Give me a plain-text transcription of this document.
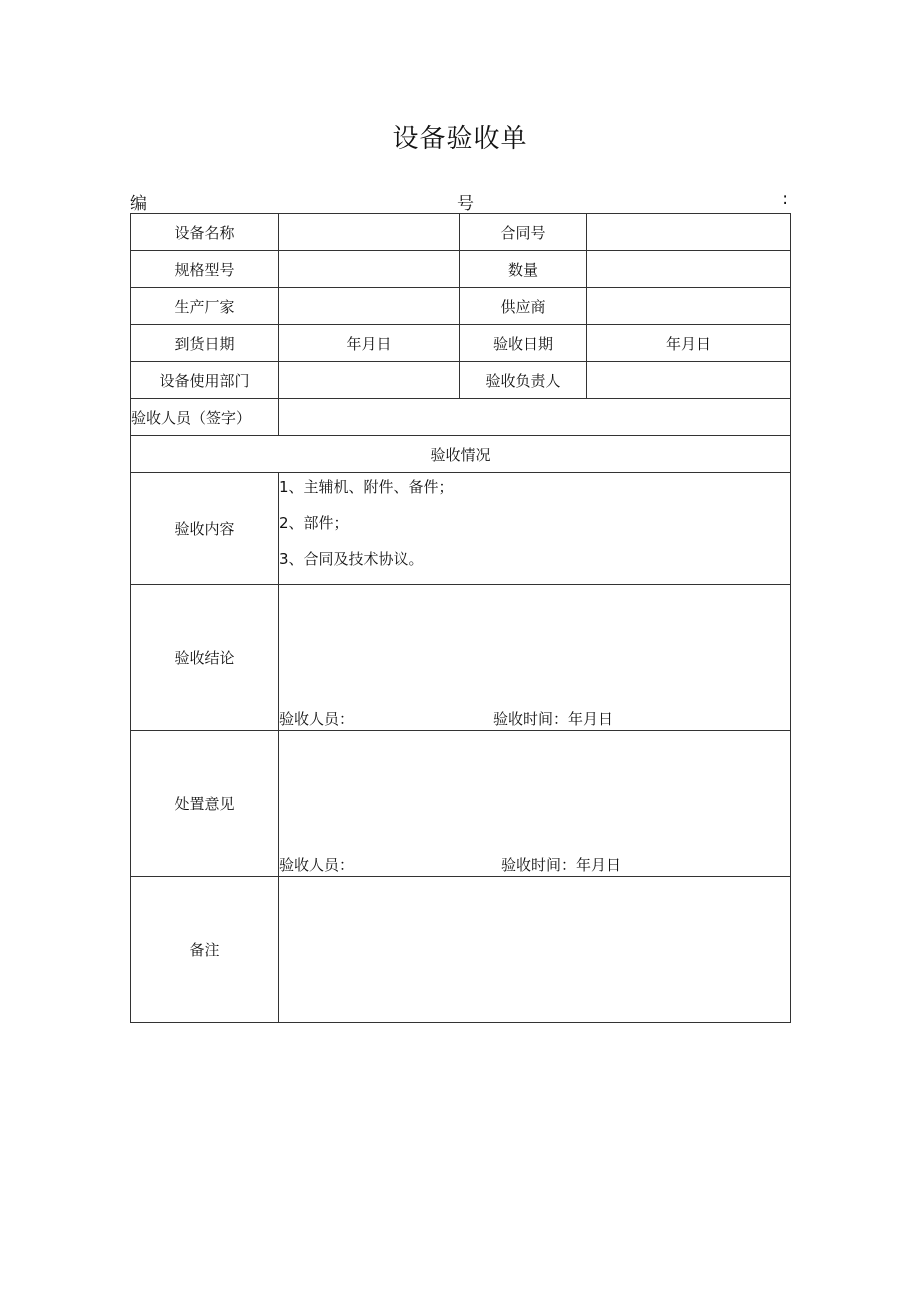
设备验收单
编	号	:
设备名称		合同号	
规格型号		数量	
生产厂家		供应商	
到货日期	年月日	验收日期	年月日
设备使用部门		验收负责人	
验收人员（签字）			
验收情况			
验收内容	1、主辅机、附件、备件；
2、部件；
3、合同及技术协议。		

验收结论	验收人员： 验收时间：年月日		

处置意见	验收人员： 验收时间：年月日		

备注			
